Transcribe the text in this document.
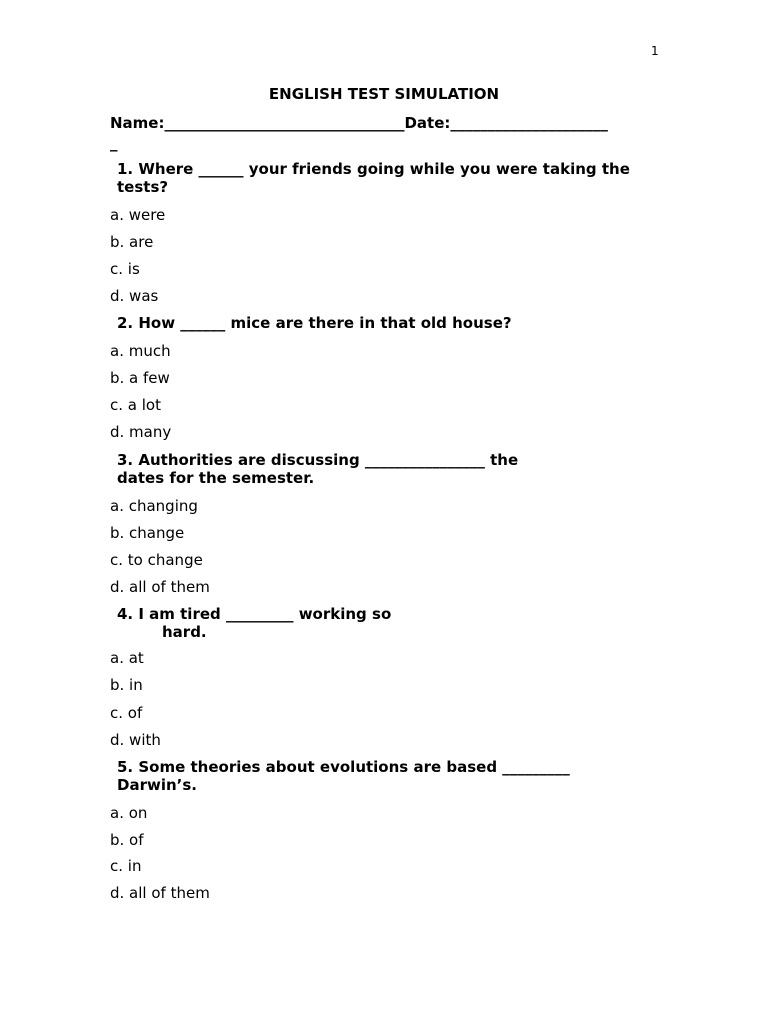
1
ENGLISH TEST SIMULATION
Name:________________________________Date:_____________________
_
1. Where ______ your friends going while you were taking the
tests?
a. were
b. are
c. is
d. was
2. How ______ mice are there in that old house?
a. much
b. a few
c. a lot
d. many
3. Authorities are discussing ________________ the
dates for the semester.
a. changing
b. change
c. to change
d. all of them
4. I am tired _________ working so
hard.
a. at
b. in
c. of
d. with
5. Some theories about evolutions are based _________
Darwin’s.
a. on
b. of
c. in
d. all of them
